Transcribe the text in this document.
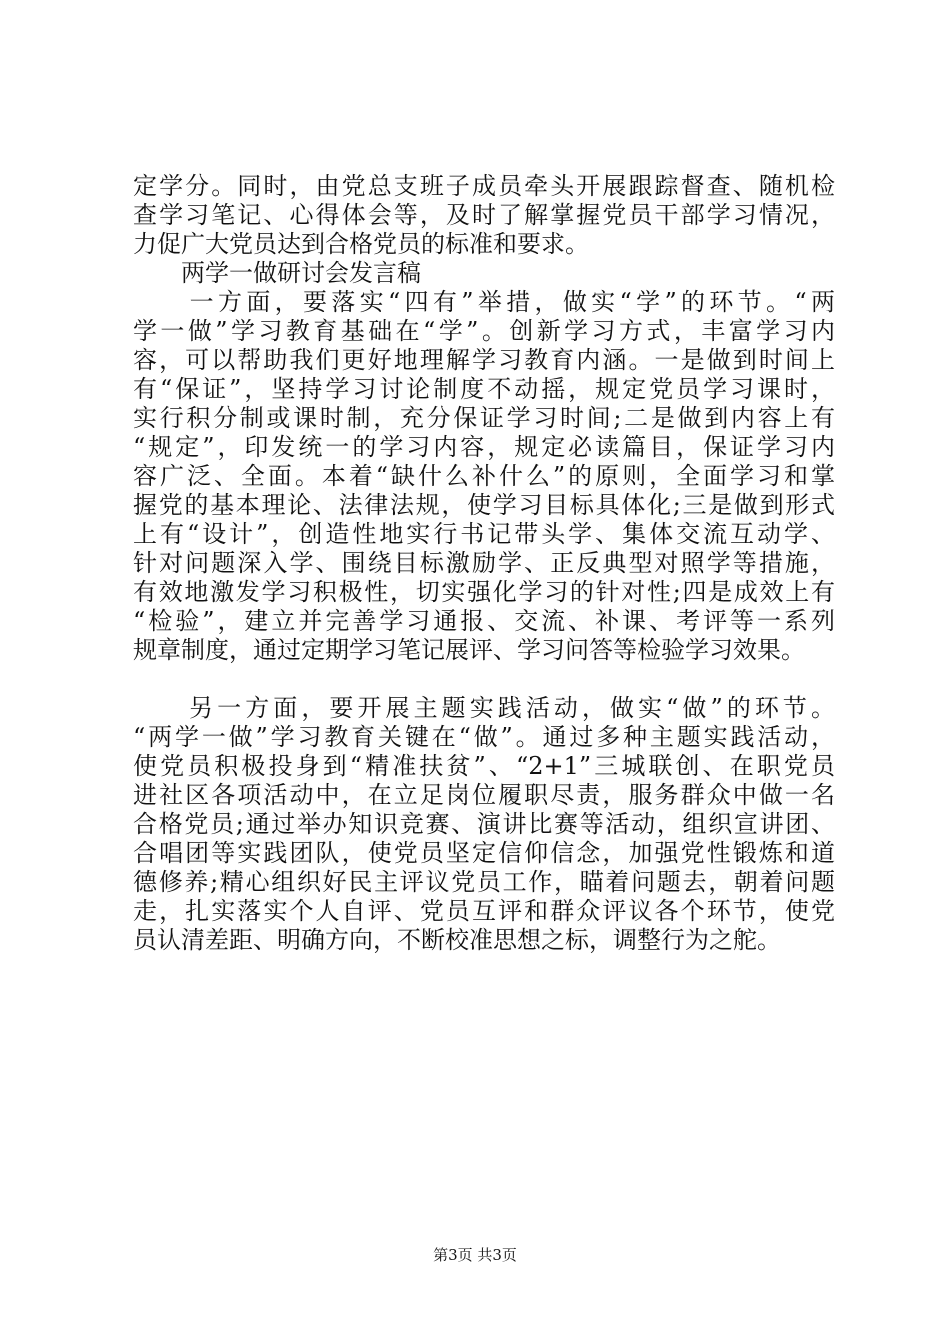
定学分。同时，由党总支班子成员牵头开展跟踪督查、随机检
查学习笔记、心得体会等，及时了解掌握党员干部学习情况，
力促广大党员达到合格党员的标准和要求。
　　两学一做研讨会发言稿
　　一方面，要落实“四有”举措，做实“学”的环节。“两
学一做”学习教育基础在“学”。创新学习方式，丰富学习内
容，可以帮助我们更好地理解学习教育内涵。一是做到时间上
有“保证”，坚持学习讨论制度不动摇，规定党员学习课时，
实行积分制或课时制，充分保证学习时间;二是做到内容上有
“规定”，印发统一的学习内容，规定必读篇目，保证学习内
容广泛、全面。本着“缺什么补什么”的原则，全面学习和掌
握党的基本理论、法律法规，使学习目标具体化;三是做到形式
上有“设计”，创造性地实行书记带头学、集体交流互动学、
针对问题深入学、围绕目标激励学、正反典型对照学等措施，
有效地激发学习积极性，切实强化学习的针对性;四是成效上有
“检验”，建立并完善学习通报、交流、补课、考评等一系列
规章制度，通过定期学习笔记展评、学习问答等检验学习效果。
　　另一方面，要开展主题实践活动，做实“做”的环节。
“两学一做”学习教育关键在“做”。通过多种主题实践活动，
使党员积极投身到“精准扶贫”、“2+1”三城联创、在职党员
进社区各项活动中，在立足岗位履职尽责，服务群众中做一名
合格党员;通过举办知识竞赛、演讲比赛等活动，组织宣讲团、
合唱团等实践团队，使党员坚定信仰信念，加强党性锻炼和道
德修养;精心组织好民主评议党员工作，瞄着问题去，朝着问题
走，扎实落实个人自评、党员互评和群众评议各个环节，使党
员认清差距、明确方向，不断校准思想之标，调整行为之舵。
第3页 共3页
